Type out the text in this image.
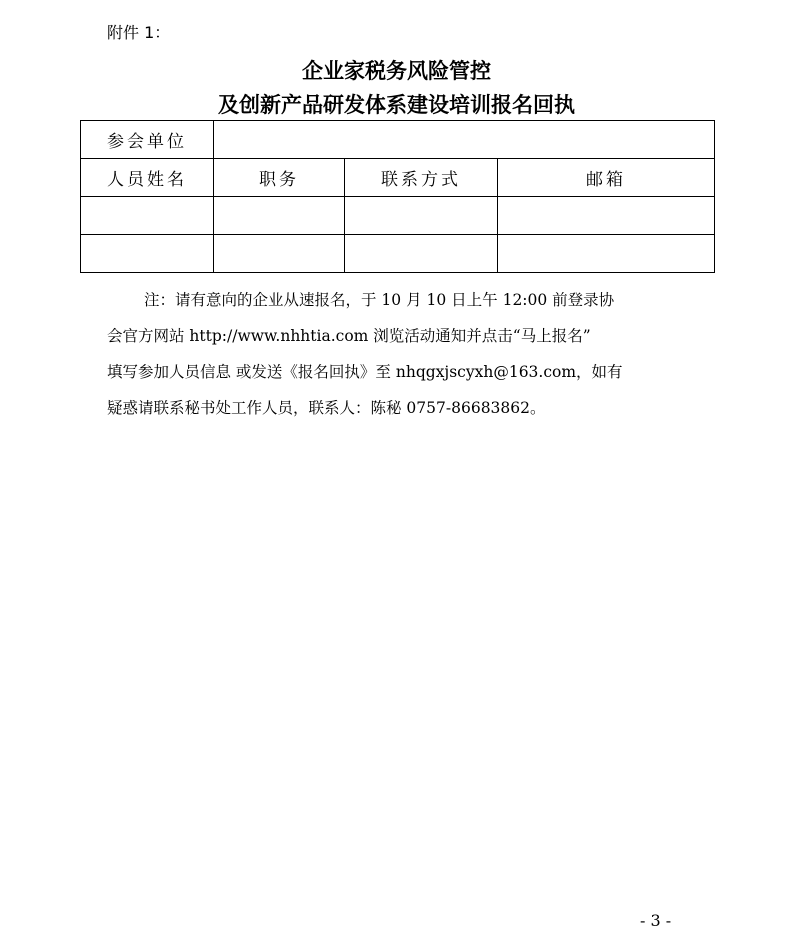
附件 1：
企业家税务风险管控
及创新产品研发体系建设培训报名回执
参会单位			
人员姓名	职务	联系方式	邮箱

注：请有意向的企业从速报名，于 10 月 10 日上午 12:00 前登录协
会官方网站 http://www.nhhtia.com 浏览活动通知并点击“马上报名”
填写参加人员信息 或发送《报名回执》至 nhqgxjscyxh@163.com，如有
疑惑请联系秘书处工作人员，联系人：陈秘 0757-86683862。
- 3 -
